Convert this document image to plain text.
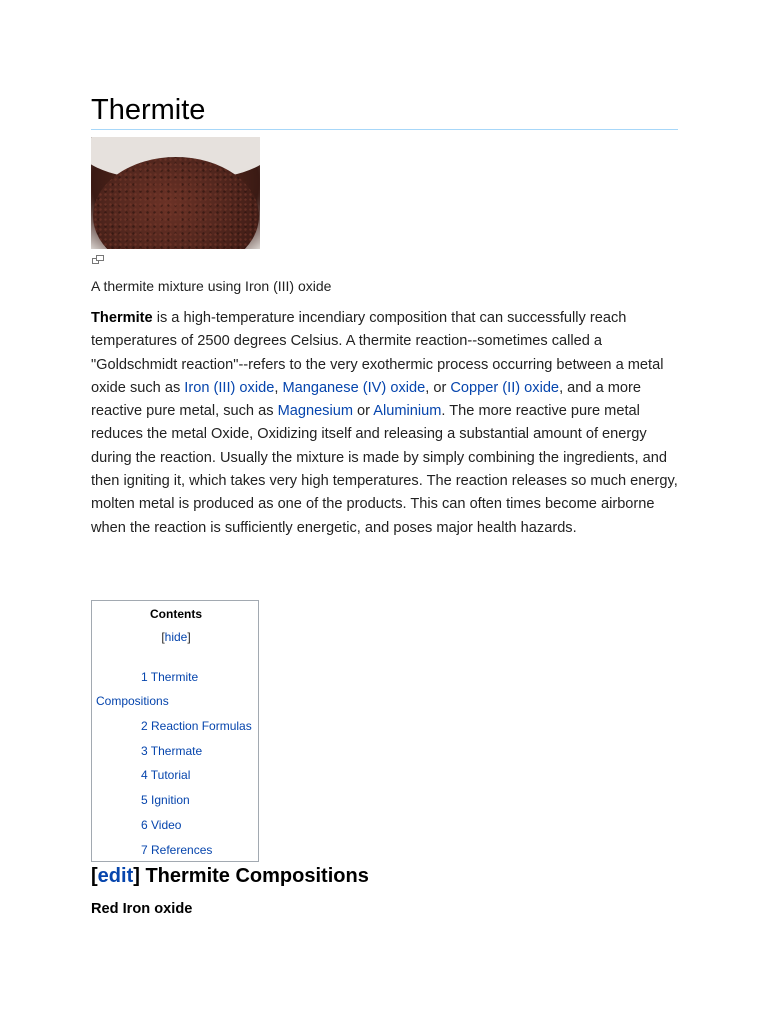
Thermite
A thermite mixture using Iron (III) oxide

Thermite is a high-temperature incendiary composition that can successfully reach temperatures of 2500 degrees Celsius. A thermite reaction--sometimes called a "Goldschmidt reaction"--refers to the very exothermic process occurring between a metal oxide such as Iron (III) oxide, Manganese (IV) oxide, or Copper (II) oxide, and a more reactive pure metal, such as Magnesium or Aluminium. The more reactive pure metal reduces the metal Oxide, Oxidizing itself and releasing a substantial amount of energy during the reaction. Usually the mixture is made by simply combining the ingredients, and then igniting it, which takes very high temperatures. The reaction releases so much energy, molten metal is produced as one of the products. This can often times become airborne when the reaction is sufficiently energetic, and poses major health hazards.

Contents
[hide]
1 Thermite
Compositions
2 Reaction Formulas
3 Thermate
4 Tutorial
5 Ignition
6 Video
7 References
[edit] Thermite Compositions
Red Iron oxide
